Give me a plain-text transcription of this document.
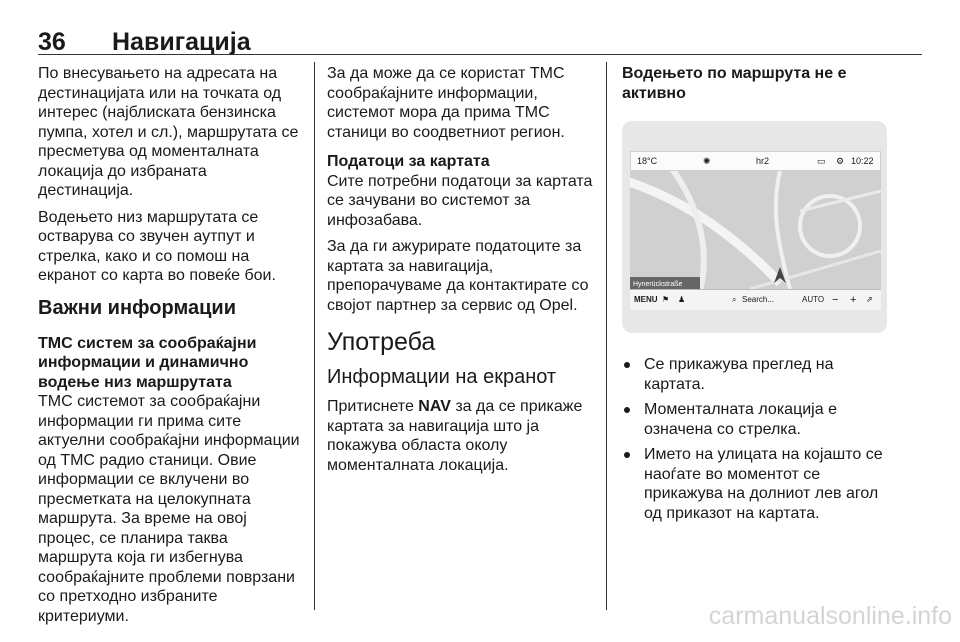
36 Навигација

По внесувањето на адресата на дестинацијата или на точката од интерес (најблиската бензинска пумпа, хотел и сл.), маршрутата се пресметува од моменталната локација до избраната дестинација.

Водењето низ маршрутата се остварува со звучен аутпут и стрелка, како и со помош на екранот со карта во повеќе бои.

Важни информации

ТМС систем за сообраќајни информации и динамично водење низ маршрутата

ТМС системот за сообраќајни информации ги прима сите актуелни сообраќајни информации од ТМС радио станици. Овие информации се вклучени во пресметката на целокупната маршрута. За време на овој процес, се планира таква маршрута која ги избегнува сообраќајните проблеми поврзани со претходно избраните критериуми.

За да може да се користат ТМС сообраќајните информации, системот мора да прима ТМС станици во соодветниот регион.

Податоци за картата

Сите потребни податоци за картата се зачувани во системот за инфозабава.

За да ги ажурирате податоците за картата за навигација, препорачуваме да контактирате со својот партнер за сервис од Opel.

Употреба
Информации на екранот

Притиснете NAV за да се прикаже картата за навигација што ја покажува областа околу моменталната локација.

Водењето по маршрута не е активно

18°C	✺	hr2	▭ ⚙ 10:22
Hynerückstraße
MENU ⚑ ♟	⌕ Search...	AUTO − + ⇗
Се прикажува преглед на картата.
Моменталната локација е означена со стрелка.
Името на улицата на којашто се наоѓате во моментот се прикажува на долниот лев агол од приказот на картата.
carmanualsonline.info
